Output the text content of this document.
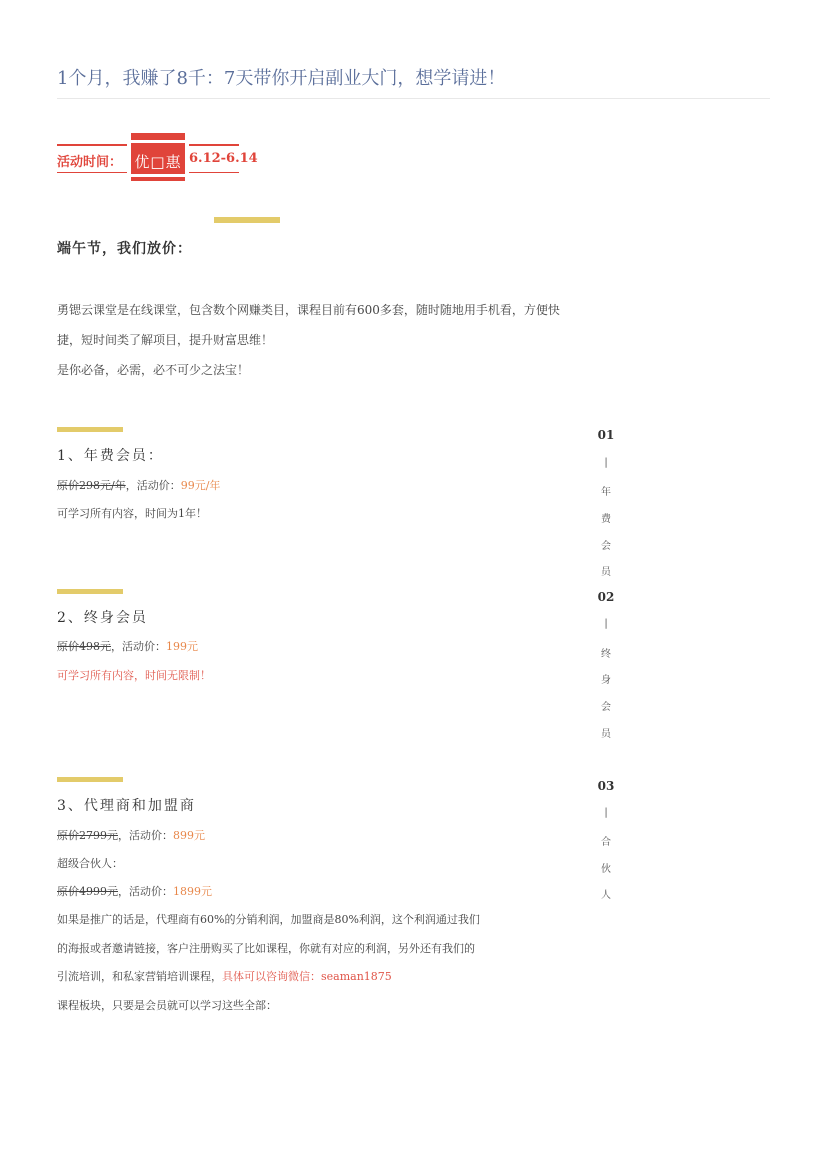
1个月，我赚了8千：7天带你开启副业大门，想学请进！
活动时间： 优□惠 6.12-6.14
端午节，我们放价：
勇锶云课堂是在线课堂，包含数个网赚类目，课程目前有600多套，随时随地用手机看，方便快
捷，短时间类了解项目，提升财富思维！
是你必备，必需，必不可少之法宝！
1、年费会员：
原价298元/年，活动价：99元/年
可学习所有内容，时间为1年！
2、终身会员
原价498元，活动价：199元
可学习所有内容，时间无限制！
3、代理商和加盟商
原价2799元，活动价：899元
超级合伙人：
原价4999元，活动价：1899元
如果是推广的话是，代理商有60%的分销利润，加盟商是80%利润，这个利润通过我们
的海报或者邀请链接，客户注册购买了比如课程，你就有对应的利润，另外还有我们的
引流培训，和私家营销培训课程，具体可以咨询微信：seaman1875
课程板块，只要是会员就可以学习这些全部：
01
|
年
费
会
员
02
|
终
身
会
员
03
|
合
伙
人
